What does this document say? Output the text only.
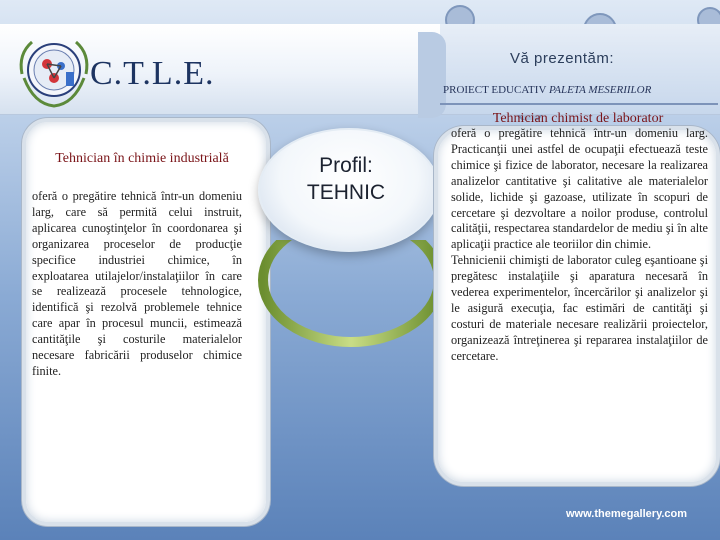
C.T.L.E.	Vă prezentăm:
PROIECT EDUCATIV PALETA MESERIILOR
Tehnician în chimie industrială
oferă o pregătire tehnică într-un domeniu larg, care să permită celui instruit, aplicarea cunoştinţelor în coordonarea şi organizarea proceselor de producţie specifice industriei chimice, în exploatarea utilajelor/instalaţiilor în care se realizează procesele tehnologice, identifică şi rezolvă problemele tehnice care apar în procesul muncii, estimează cantităţile şi costurile materialelor necesare fabricării produselor chimice finite.
Profil:
TEHNIC
Tehnician chimist de laborator

oferă o pregătire tehnică într-un domeniu larg. Practicanţii unei astfel de ocupaţii efectuează teste chimice şi fizice de laborator, necesare la realizarea analizelor cantitative şi calitative ale materialelor solide, lichide şi gazoase, utilizate în scopuri de cercetare şi dezvoltare a noilor produse, controlul calităţii, respectarea standardelor de mediu şi în alte aplicaţii practice ale teoriilor din chimie.

Tehnicienii chimişti de laborator culeg eşantioane şi pregătesc instalaţiile şi aparatura necesară în vederea experimentelor, încercărilor şi analizelor şi le asigură execuţia, fac estimări de cantităţi şi costuri de materiale necesare realizării proiectelor, organizează întreţinerea şi repararea instalaţiilor de cercetare.

www.themegallery.com
